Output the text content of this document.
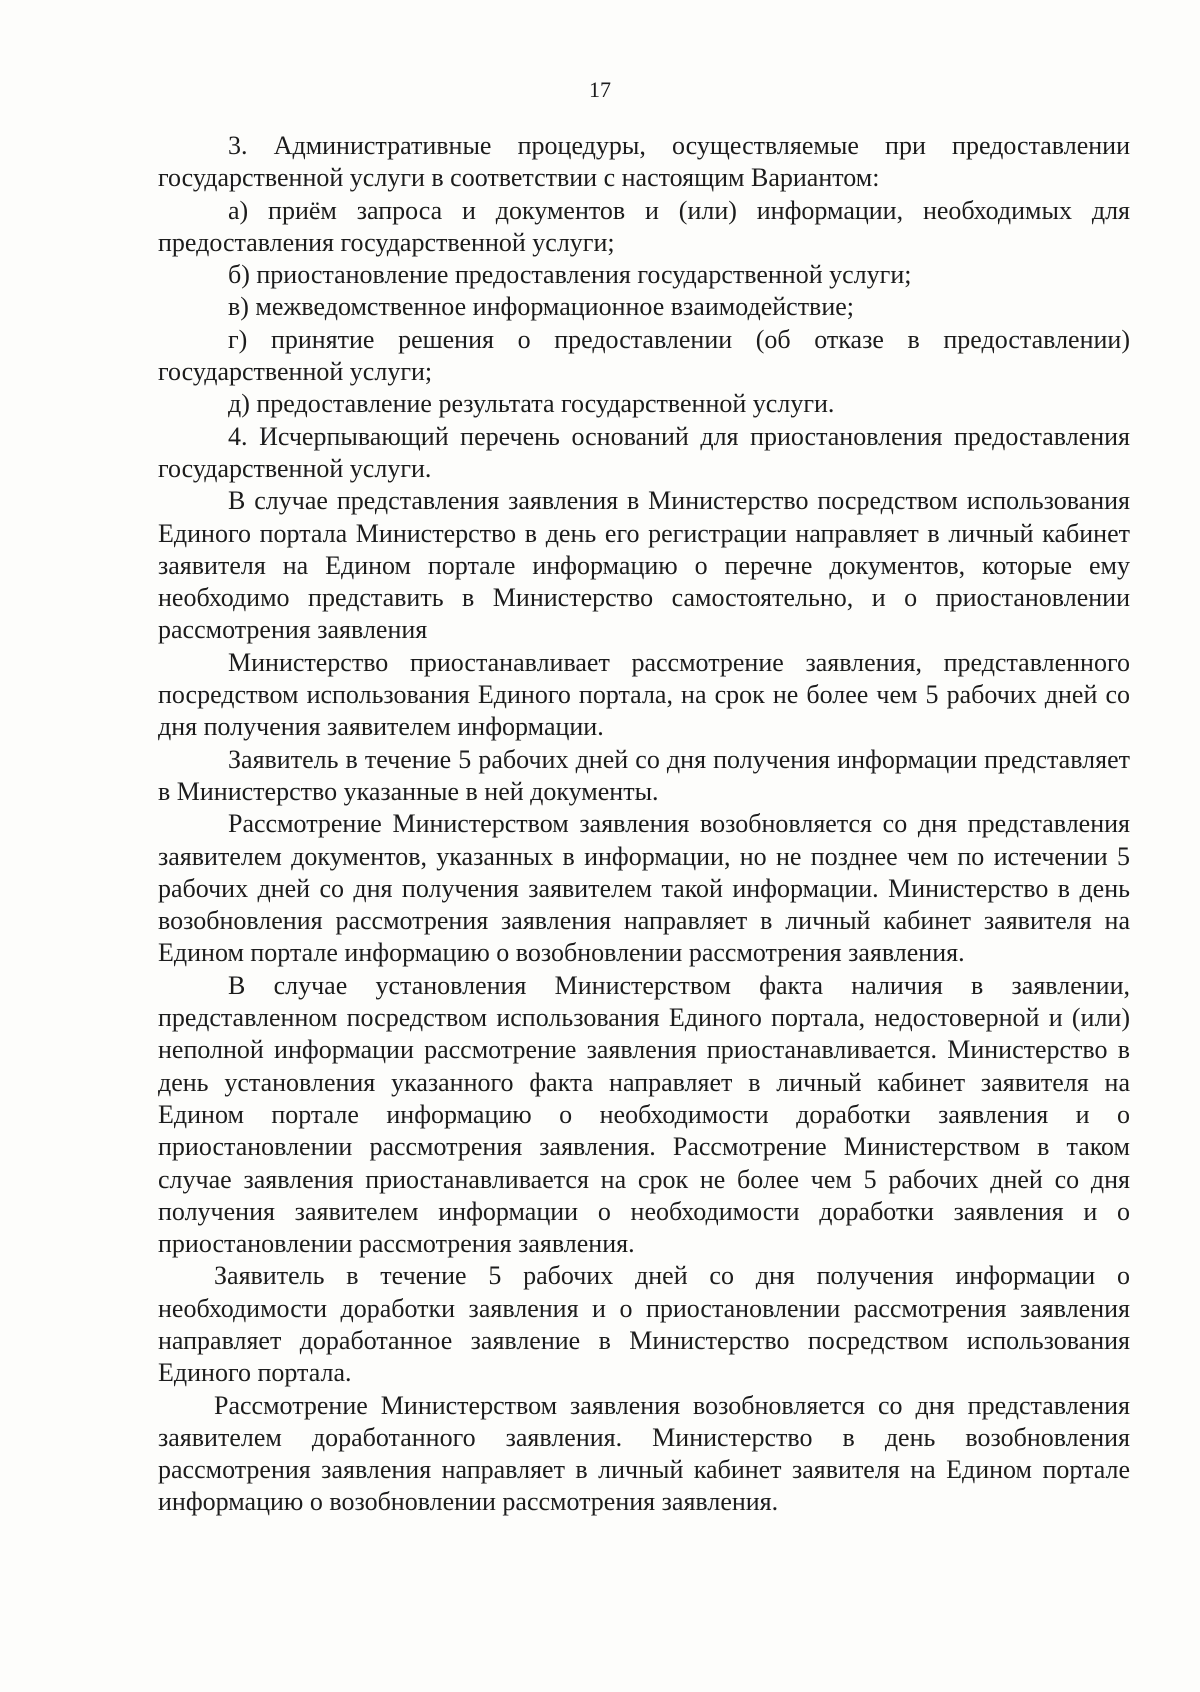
17

3. Административные процедуры, осуществляемые при предоставлении государственной услуги в соответствии с настоящим Вариантом:

а) приём запроса и документов и (или) информации, необходимых для предоставления государственной услуги;

б) приостановление предоставления государственной услуги;

в) межведомственное информационное взаимодействие;

г) принятие решения о предоставлении (об отказе в предоставлении) государственной услуги;

д) предоставление результата государственной услуги.

4. Исчерпывающий перечень оснований для приостановления предоставления государственной услуги.

В случае представления заявления в Министерство посредством использования Единого портала Министерство в день его регистрации направляет в личный кабинет заявителя на Едином портале информацию о перечне документов, которые ему необходимо представить в Министерство самостоятельно, и о приостановлении рассмотрения заявления

Министерство приостанавливает рассмотрение заявления, представленного посредством использования Единого портала, на срок не более чем 5 рабочих дней со дня получения заявителем информации.

Заявитель в течение 5 рабочих дней со дня получения информации представляет в Министерство указанные в ней документы.

Рассмотрение Министерством заявления возобновляется со дня представления заявителем документов, указанных в информации, но не позднее чем по истечении 5 рабочих дней со дня получения заявителем такой информации. Министерство в день возобновления рассмотрения заявления направляет в личный кабинет заявителя на Едином портале информацию о возобновлении рассмотрения заявления.

В случае установления Министерством факта наличия в заявлении, представленном посредством использования Единого портала, недостоверной и (или) неполной информации рассмотрение заявления приостанавливается. Министерство в день установления указанного факта направляет в личный кабинет заявителя на Едином портале информацию о необходимости доработки заявления и о приостановлении рассмотрения заявления. Рассмотрение Министерством в таком случае заявления приостанавливается на срок не более чем 5 рабочих дней со дня получения заявителем информации о необходимости доработки заявления и о приостановлении рассмотрения заявления.

Заявитель в течение 5 рабочих дней со дня получения информации о необходимости доработки заявления и о приостановлении рассмотрения заявления направляет доработанное заявление в Министерство посредством использования Единого портала.

Рассмотрение Министерством заявления возобновляется со дня представления заявителем доработанного заявления. Министерство в день возобновления рассмотрения заявления направляет в личный кабинет заявителя на Едином портале информацию о возобновлении рассмотрения заявления.
